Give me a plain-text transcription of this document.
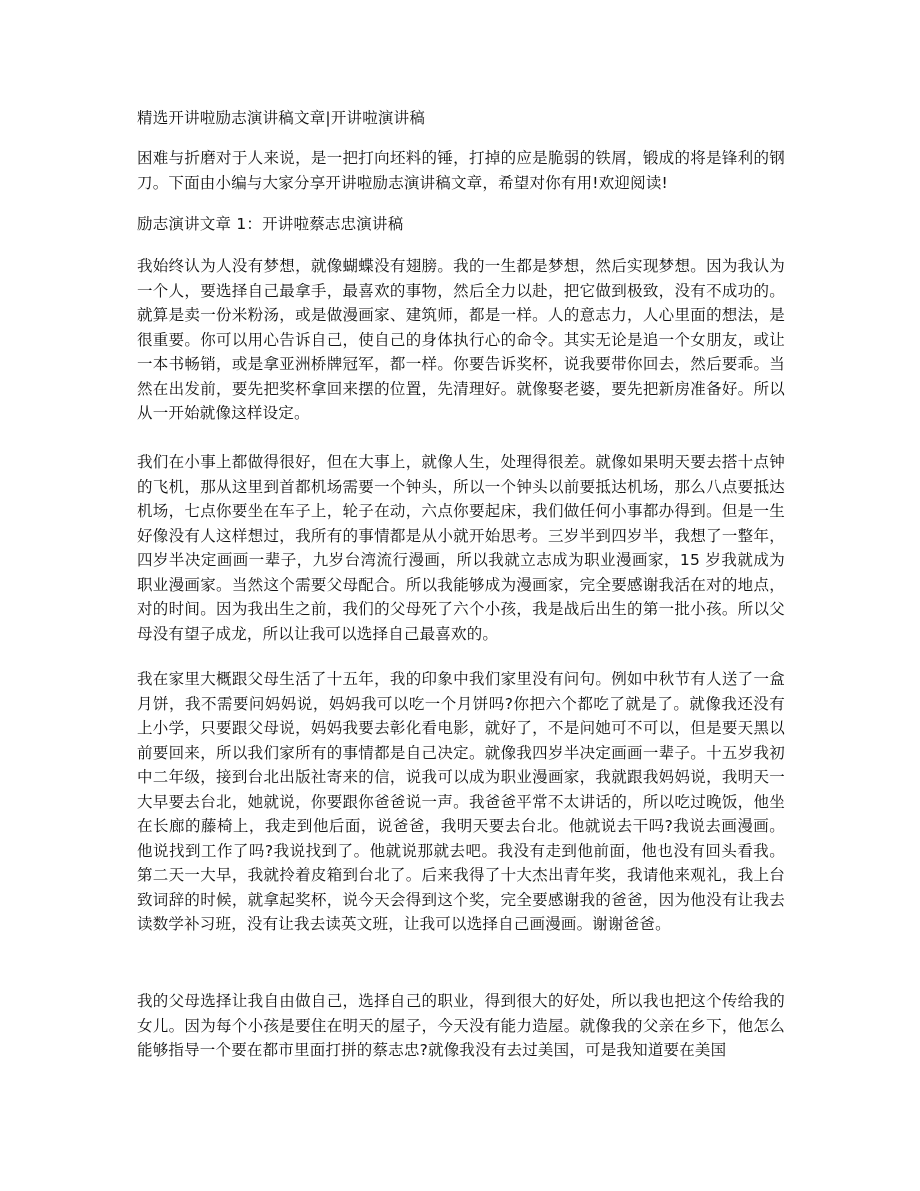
精选开讲啦励志演讲稿文章|开讲啦演讲稿

困难与折磨对于人来说，是一把打向坯料的锤，打掉的应是脆弱的铁屑，锻成的将是锋利的钢刀。下面由小编与大家分享开讲啦励志演讲稿文章，希望对你有用!欢迎阅读!

励志演讲文章 1：开讲啦蔡志忠演讲稿

我始终认为人没有梦想，就像蝴蝶没有翅膀。我的一生都是梦想，然后实现梦想。因为我认为一个人，要选择自己最拿手，最喜欢的事物，然后全力以赴，把它做到极致，没有不成功的。就算是卖一份米粉汤，或是做漫画家、建筑师，都是一样。人的意志力，人心里面的想法，是很重要。你可以用心告诉自己，使自己的身体执行心的命令。其实无论是追一个女朋友，或让一本书畅销，或是拿亚洲桥牌冠军，都一样。你要告诉奖杯，说我要带你回去，然后要乖。当然在出发前，要先把奖杯拿回来摆的位置，先清理好。就像娶老婆，要先把新房准备好。所以从一开始就像这样设定。

我们在小事上都做得很好，但在大事上，就像人生，处理得很差。就像如果明天要去搭十点钟的飞机，那从这里到首都机场需要一个钟头，所以一个钟头以前要抵达机场，那么八点要抵达机场，七点你要坐在车子上，轮子在动，六点你要起床，我们做任何小事都办得到。但是一生好像没有人这样想过，我所有的事情都是从小就开始思考。三岁半到四岁半，我想了一整年，四岁半决定画画一辈子，九岁台湾流行漫画，所以我就立志成为职业漫画家，15 岁我就成为职业漫画家。当然这个需要父母配合。所以我能够成为漫画家，完全要感谢我活在对的地点，对的时间。因为我出生之前，我们的父母死了六个小孩，我是战后出生的第一批小孩。所以父母没有望子成龙，所以让我可以选择自己最喜欢的。

我在家里大概跟父母生活了十五年，我的印象中我们家里没有问句。例如中秋节有人送了一盒月饼，我不需要问妈妈说，妈妈我可以吃一个月饼吗?你把六个都吃了就是了。就像我还没有上小学，只要跟父母说，妈妈我要去彰化看电影，就好了，不是问她可不可以，但是要天黑以前要回来，所以我们家所有的事情都是自己决定。就像我四岁半决定画画一辈子。十五岁我初中二年级，接到台北出版社寄来的信，说我可以成为职业漫画家，我就跟我妈妈说，我明天一大早要去台北，她就说，你要跟你爸爸说一声。我爸爸平常不太讲话的，所以吃过晚饭，他坐在长廊的藤椅上，我走到他后面，说爸爸，我明天要去台北。他就说去干吗?我说去画漫画。他说找到工作了吗?我说找到了。他就说那就去吧。我没有走到他前面，他也没有回头看我。第二天一大早，我就拎着皮箱到台北了。后来我得了十大杰出青年奖，我请他来观礼，我上台致词辞的时候，就拿起奖杯，说今天会得到这个奖，完全要感谢我的爸爸，因为他没有让我去读数学补习班，没有让我去读英文班，让我可以选择自己画漫画。谢谢爸爸。

我的父母选择让我自由做自己，选择自己的职业，得到很大的好处，所以我也把这个传给我的女儿。因为每个小孩是要住在明天的屋子，今天没有能力造屋。就像我的父亲在乡下，他怎么能够指导一个要在都市里面打拼的蔡志忠?就像我没有去过美国，可是我知道要在美国
